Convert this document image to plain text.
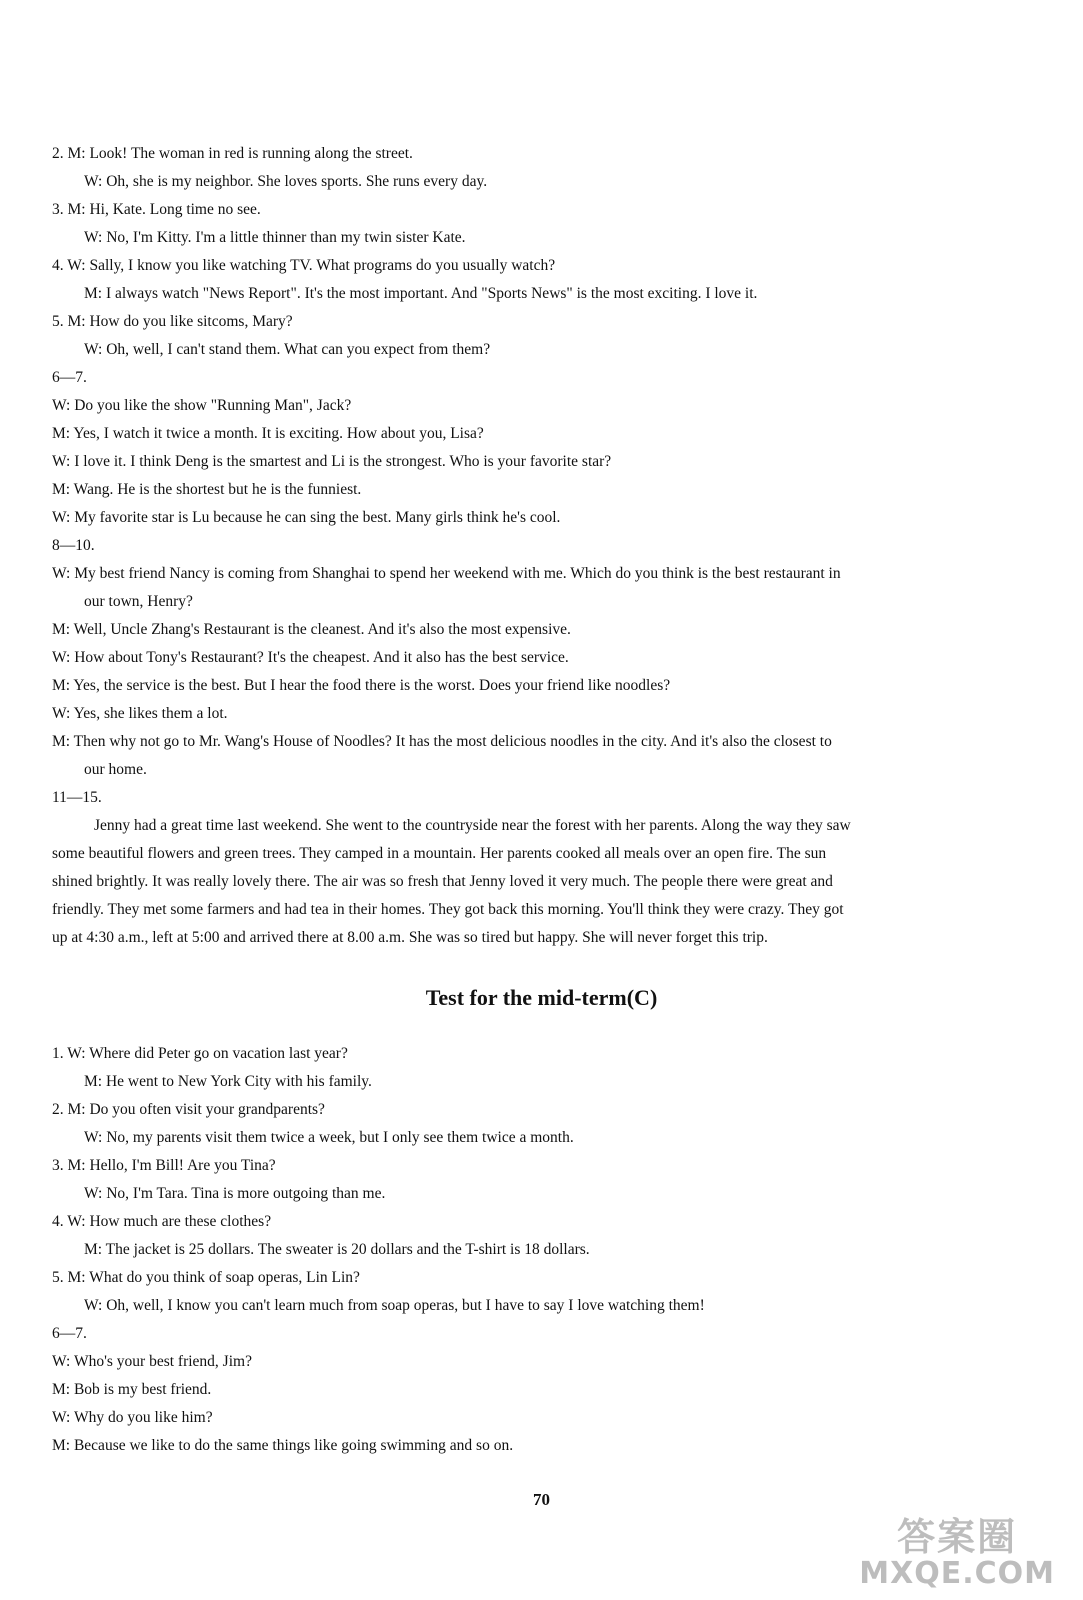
2. M: Look! The woman in red is running along the street.
W: Oh, she is my neighbor. She loves sports. She runs every day.
3. M: Hi, Kate. Long time no see.
W: No, I'm Kitty. I'm a little thinner than my twin sister Kate.
4. W: Sally, I know you like watching TV. What programs do you usually watch?
M: I always watch "News Report". It's the most important. And "Sports News" is the most exciting. I love it.
5. M: How do you like sitcoms, Mary?
W: Oh, well, I can't stand them. What can you expect from them?
6—7.
W: Do you like the show "Running Man", Jack?
M: Yes, I watch it twice a month. It is exciting. How about you, Lisa?
W: I love it. I think Deng is the smartest and Li is the strongest. Who is your favorite star?
M: Wang. He is the shortest but he is the funniest.
W: My favorite star is Lu because he can sing the best. Many girls think he's cool.
8—10.
W: My best friend Nancy is coming from Shanghai to spend her weekend with me. Which do you think is the best restaurant in
our town, Henry?
M: Well, Uncle Zhang's Restaurant is the cleanest. And it's also the most expensive.
W: How about Tony's Restaurant? It's the cheapest. And it also has the best service.
M: Yes, the service is the best. But I hear the food there is the worst. Does your friend like noodles?
W: Yes, she likes them a lot.
M: Then why not go to Mr. Wang's House of Noodles? It has the most delicious noodles in the city. And it's also the closest to
our home.
11—15.
Jenny had a great time last weekend. She went to the countryside near the forest with her parents. Along the way they saw
some beautiful flowers and green trees. They camped in a mountain. Her parents cooked all meals over an open fire. The sun
shined brightly. It was really lovely there. The air was so fresh that Jenny loved it very much. The people there were great and
friendly. They met some farmers and had tea in their homes. They got back this morning. You'll think they were crazy. They got
up at 4:30 a.m., left at 5:00 and arrived there at 8.00 a.m. She was so tired but happy. She will never forget this trip.
Test for the mid-term(C)
1. W: Where did Peter go on vacation last year?
M: He went to New York City with his family.
2. M: Do you often visit your grandparents?
W: No, my parents visit them twice a week, but I only see them twice a month.
3. M: Hello, I'm Bill! Are you Tina?
W: No, I'm Tara. Tina is more outgoing than me.
4. W: How much are these clothes?
M: The jacket is 25 dollars. The sweater is 20 dollars and the T-shirt is 18 dollars.
5. M: What do you think of soap operas, Lin Lin?
W: Oh, well, I know you can't learn much from soap operas, but I have to say I love watching them!
6—7.
W: Who's your best friend, Jim?
M: Bob is my best friend.
W: Why do you like him?
M: Because we like to do the same things like going swimming and so on.
70
答案圈
MXQE.COM
